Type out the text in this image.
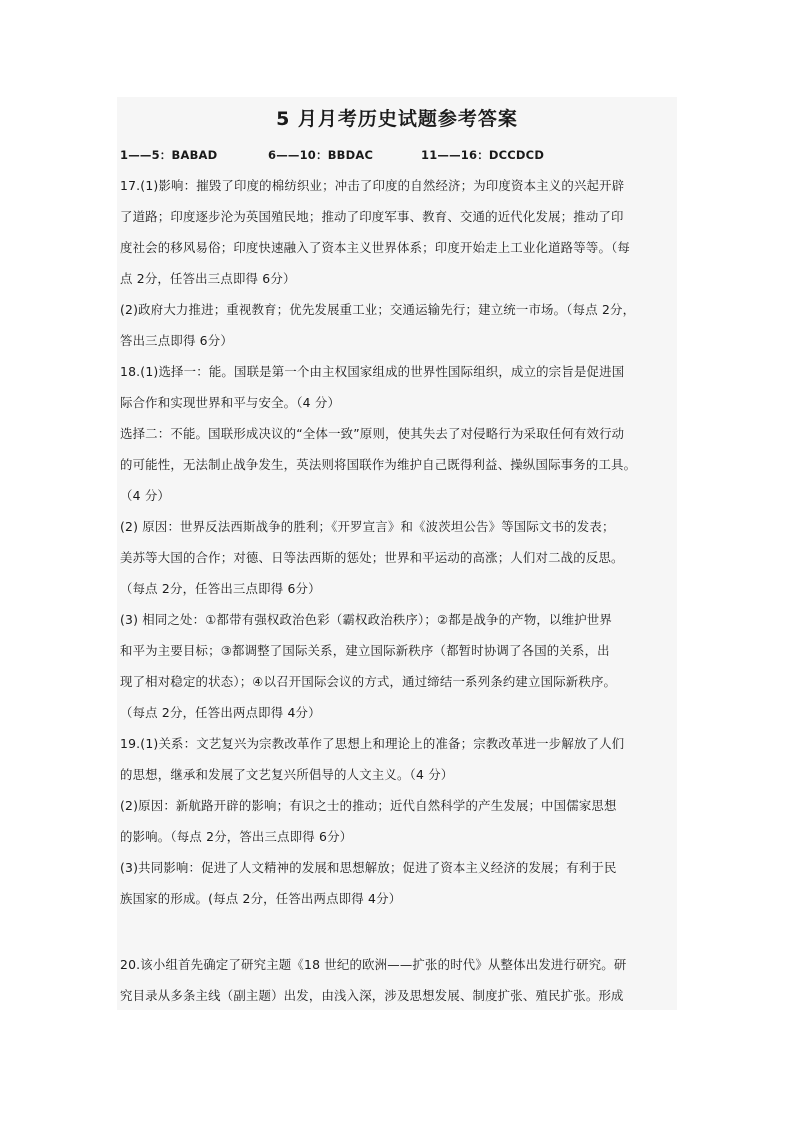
5 月月考历史试题参考答案
1——5：BABAD	6——10：BBDAC	11——16：DCCDCD
17.(1)影响：摧毁了印度的棉纺织业；冲击了印度的自然经济；为印度资本主义的兴起开辟
了道路；印度逐步沦为英国殖民地；推动了印度军事、教育、交通的近代化发展；推动了印
度社会的移风易俗；印度快速融入了资本主义世界体系；印度开始走上工业化道路等等。（每
点 2分，任答出三点即得 6分）
(2)政府大力推进；重视教育；优先发展重工业；交通运输先行；建立统一市场。（每点 2分，
答出三点即得 6分）
18.(1)选择一：能。国联是第一个由主权国家组成的世界性国际组织，成立的宗旨是促进国
际合作和实现世界和平与安全。（4 分）
选择二：不能。国联形成决议的“全体一致”原则，使其失去了对侵略行为采取任何有效行动
的可能性，无法制止战争发生，英法则将国联作为维护自己既得利益、操纵国际事务的工具。
（4 分）
(2) 原因：世界反法西斯战争的胜利；《开罗宣言》和《波茨坦公告》等国际文书的发表；
美苏等大国的合作；对德、日等法西斯的惩处；世界和平运动的高涨；人们对二战的反思。
（每点 2分，任答出三点即得 6分）
(3) 相同之处：①都带有强权政治色彩（霸权政治秩序）；②都是战争的产物，以维护世界
和平为主要目标；③都调整了国际关系，建立国际新秩序（都暂时协调了各国的关系，出
现了相对稳定的状态）；④以召开国际会议的方式，通过缔结一系列条约建立国际新秩序。
（每点 2分，任答出两点即得 4分）
19.(1)关系：文艺复兴为宗教改革作了思想上和理论上的准备；宗教改革进一步解放了人们
的思想，继承和发展了文艺复兴所倡导的人文主义。（4 分）
(2)原因：新航路开辟的影响；有识之士的推动；近代自然科学的产生发展；中国儒家思想
的影响。（每点 2分，答出三点即得 6分）
(3)共同影响：促进了人文精神的发展和思想解放；促进了资本主义经济的发展；有利于民
族国家的形成。(每点 2分，任答出两点即得 4分）
20.该小组首先确定了研究主题《18 世纪的欧洲——扩张的时代》从整体出发进行研究。研
究目录从多条主线（副主题）出发，由浅入深，涉及思想发展、制度扩张、殖民扩张。形成
